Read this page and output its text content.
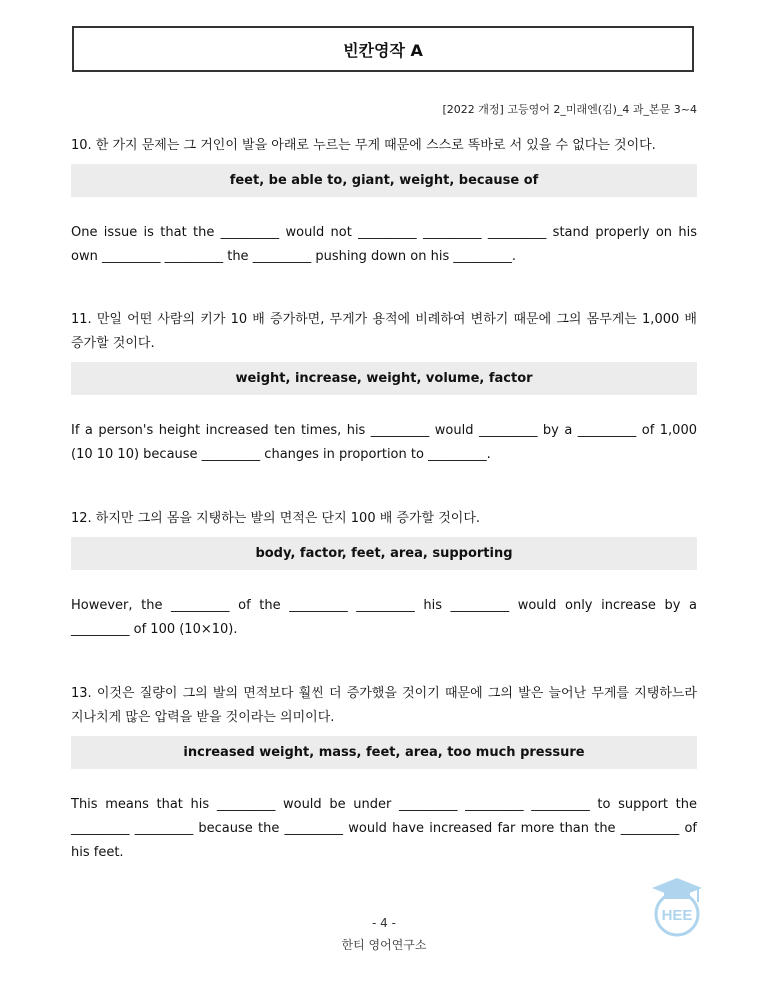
빈칸영작 A
[2022 개정] 고등영어 2_미래엔(김)_4 과_본문 3~4

10. 한 가지 문제는 그 거인이 발을 아래로 누르는 무게 때문에 스스로 똑바로 서 있을 수 없다는 것이다.

feet, be able to, giant, weight, because of

One issue is that the _________ would not _________ _________ _________ stand properly on his own _________ _________ the _________ pushing down on his _________.

11. 만일 어떤 사람의 키가 10 배 증가하면, 무게가 용적에 비례하여 변하기 때문에 그의 몸무게는 1,000 배 증가할 것이다.

weight, increase, weight, volume, factor

If a person's height increased ten times, his _________ would _________ by a _________ of 1,000 (10 10 10) because _________ changes in proportion to _________.

12. 하지만 그의 몸을 지탱하는 발의 면적은 단지 100 배 증가할 것이다.

body, factor, feet, area, supporting

However, the _________ of the _________ _________ his _________ would only increase by a _________ of 100 (10×10).

13. 이것은 질량이 그의 발의 면적보다 훨씬 더 증가했을 것이기 때문에 그의 발은 늘어난 무게를 지탱하느라 지나치게 많은 압력을 받을 것이라는 의미이다.

increased weight, mass, feet, area, too much pressure

This means that his _________ would be under _________ _________ _________ to support the _________ _________ because the _________ would have increased far more than the _________ of his feet.

HEE
- 4 -
한티 영어연구소
